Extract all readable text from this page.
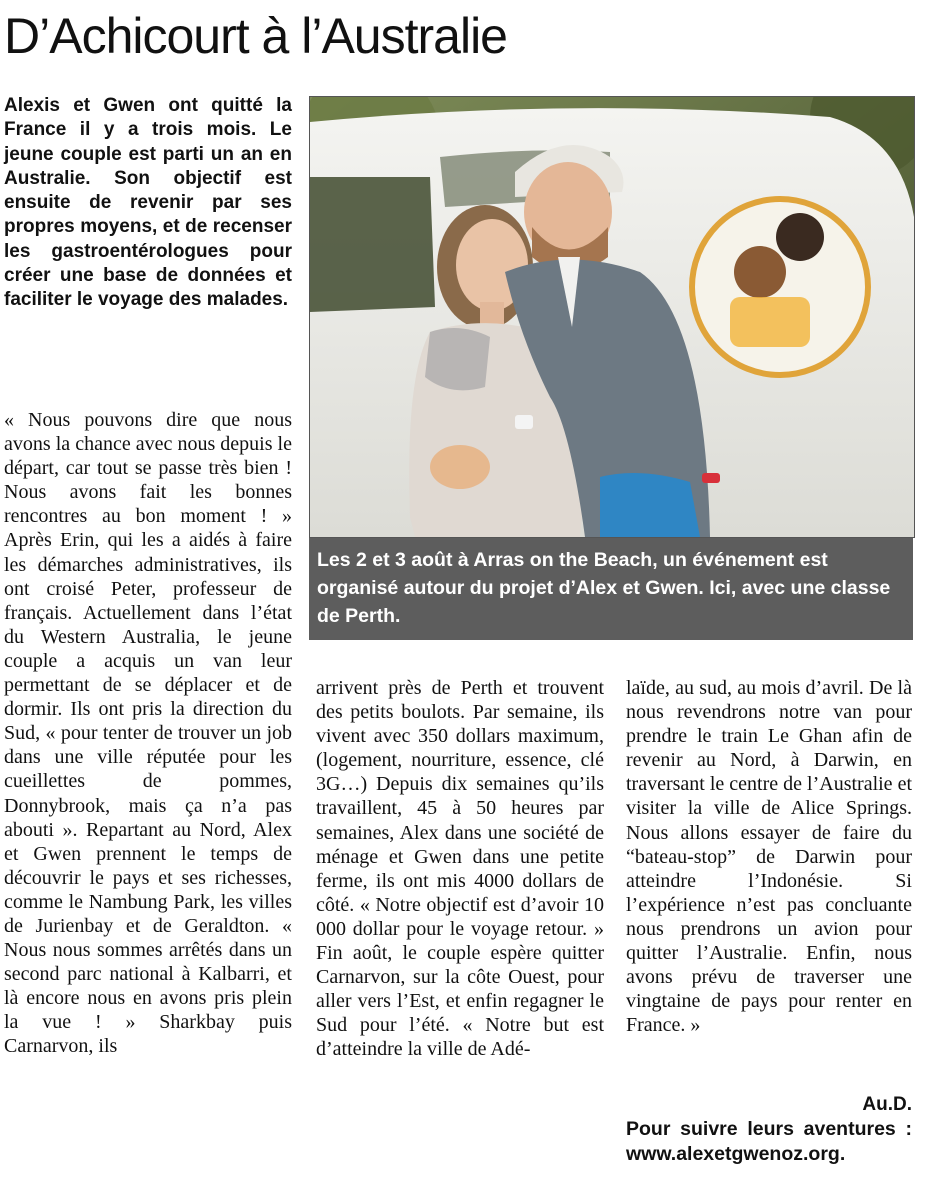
D’Achicourt à l’Australie
Alexis et Gwen ont quitté la France il y a trois mois. Le jeune couple est parti un an en Australie. Son objectif est ensuite de revenir par ses propres moyens, et de recenser les gastroentérologues pour créer une base de données et faciliter le voyage des malades.

« Nous pouvons dire que nous avons la chance avec nous depuis le départ, car tout se passe très bien ! Nous avons fait les bonnes rencontres au bon moment ! » Après Erin, qui les a aidés à faire les démarches administratives, ils ont croisé Peter, professeur de français. Actuellement dans l’état du Western Australia, le jeune couple a acquis un van leur permettant de se déplacer et de dormir. Ils ont pris la direction du Sud, « pour tenter de trouver un job dans une ville réputée pour les cueillettes de pommes, Donnybrook, mais ça n’a pas abouti ». Repartant au Nord, Alex et Gwen prennent le temps de découvrir le pays et ses richesses, comme le Nambung Park, les villes de Jurienbay et de Geraldton. « Nous nous sommes arrêtés dans un second parc national à Kalbarri, et là encore nous en avons pris plein la vue ! » Sharkbay puis Carnarvon, ils

Les 2 et 3 août à Arras on the Beach, un événement est organisé autour du projet d’Alex et Gwen. Ici, avec une classe de Perth.

arrivent près de Perth et trouvent des petits boulots. Par semaine, ils vivent avec 350 dollars maximum, (logement, nourriture, essence, clé 3G…) Depuis dix semaines qu’ils travaillent, 45 à 50 heures par semaines, Alex dans une société de ménage et Gwen dans une petite ferme, ils ont mis 4000 dollars de côté. « Notre objectif est d’avoir 10 000 dollar pour le voyage retour. » Fin août, le couple espère quitter Carnarvon, sur la côte Ouest, pour aller vers l’Est, et enfin regagner le Sud pour l’été. « Notre but est d’atteindre la ville de Adé-

laïde, au sud, au mois d’avril. De là nous revendrons notre van pour prendre le train Le Ghan afin de revenir au Nord, à Darwin, en traversant le centre de l’Australie et visiter la ville de Alice Springs. Nous allons essayer de faire du “bateau-stop” de Darwin pour atteindre l’Indonésie. Si l’expérience n’est pas concluante nous prendrons un avion pour quitter l’Australie. Enfin, nous avons prévu de traverser une vingtaine de pays pour renter en France. »

Au.D.
Pour suivre leurs aventures : www.alexetgwenoz.org.
